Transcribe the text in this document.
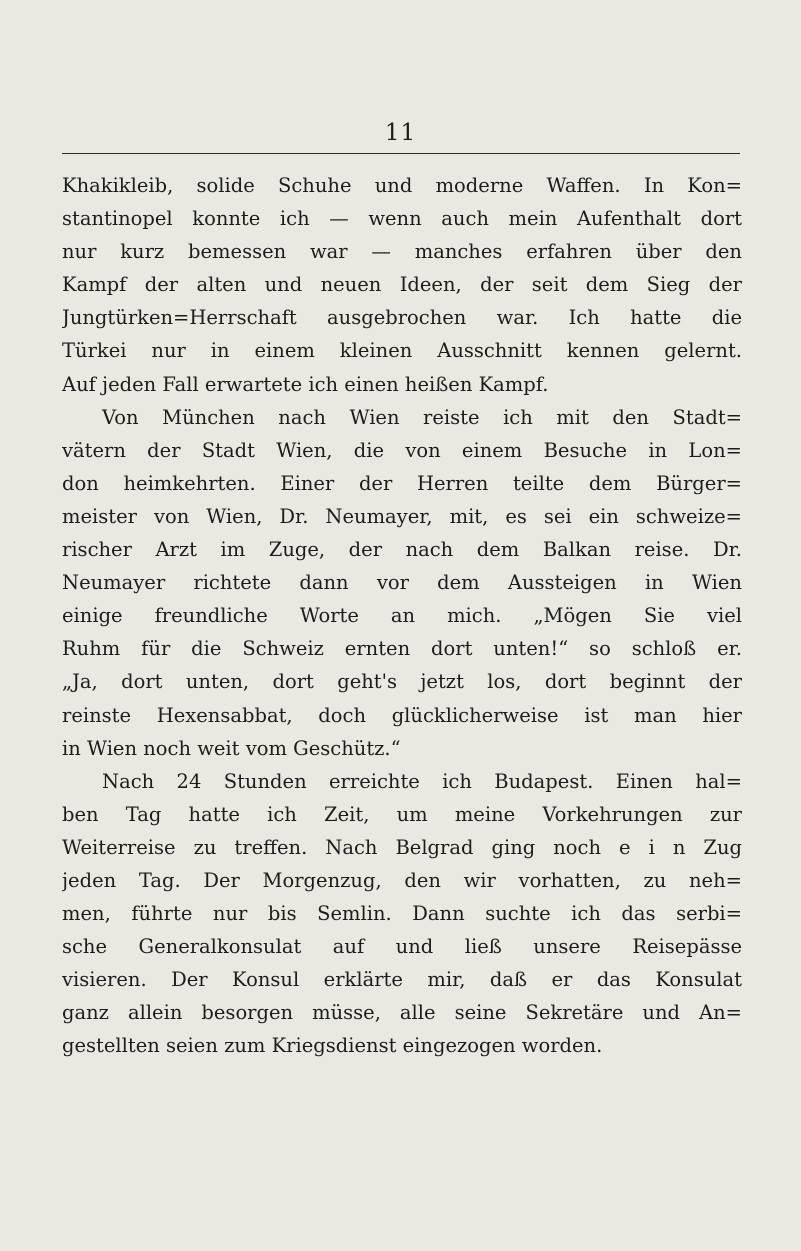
11
Khakikleib, solide Schuhe und moderne Waffen. In Kon=
stantinopel konnte ich — wenn auch mein Aufenthalt dort
nur kurz bemessen war — manches erfahren über den
Kampf der alten und neuen Ideen, der seit dem Sieg der
Jungtürken=Herrschaft ausgebrochen war. Ich hatte die
Türkei nur in einem kleinen Ausschnitt kennen gelernt.
Auf jeden Fall erwartete ich einen heißen Kampf.
Von München nach Wien reiste ich mit den Stadt=
vätern der Stadt Wien, die von einem Besuche in Lon=
don heimkehrten. Einer der Herren teilte dem Bürger=
meister von Wien, Dr. Neumayer, mit, es sei ein schweize=
rischer Arzt im Zuge, der nach dem Balkan reise. Dr.
Neumayer richtete dann vor dem Aussteigen in Wien
einige freundliche Worte an mich. „Mögen Sie viel
Ruhm für die Schweiz ernten dort unten!“ so schloß er.
„Ja, dort unten, dort geht's jetzt los, dort beginnt der
reinste Hexensabbat, doch glücklicherweise ist man hier
in Wien noch weit vom Geschütz.“
Nach 24 Stunden erreichte ich Budapest. Einen hal=
ben Tag hatte ich Zeit, um meine Vorkehrungen zur
Weiterreise zu treffen. Nach Belgrad ging noch e i n Zug
jeden Tag. Der Morgenzug, den wir vorhatten, zu neh=
men, führte nur bis Semlin. Dann suchte ich das serbi=
sche Generalkonsulat auf und ließ unsere Reisepässe
visieren. Der Konsul erklärte mir, daß er das Konsulat
ganz allein besorgen müsse, alle seine Sekretäre und An=
gestellten seien zum Kriegsdienst eingezogen worden.
